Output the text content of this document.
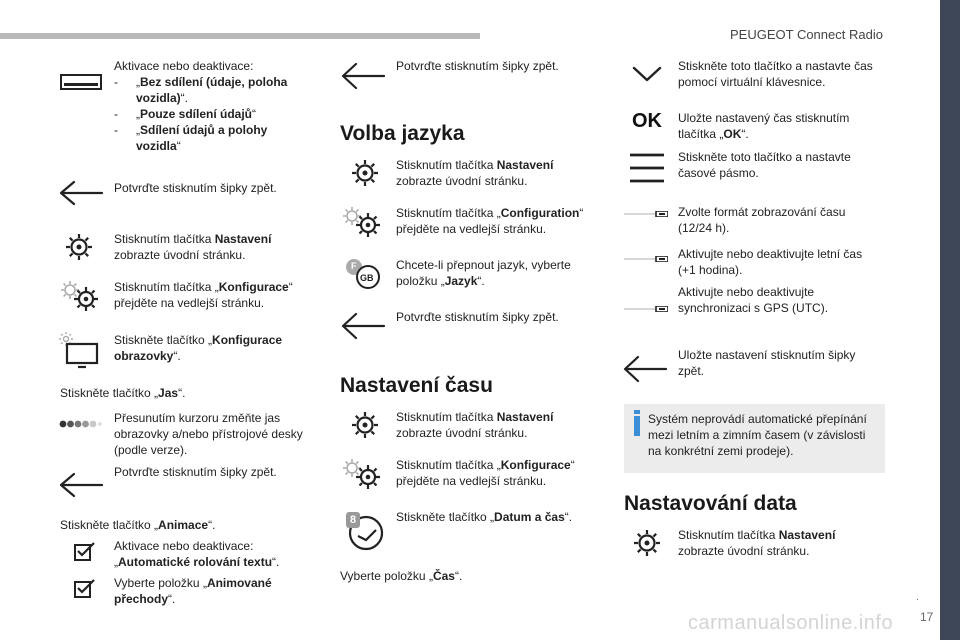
PEUGEOT Connect Radio
.
17
carmanualsonline.info
Aktivace nebo deaktivace:
-	„Bez sdílení (údaje, poloha vozidla)“.
-	„Pouze sdílení údajů“
-	„Sdílení údajů a polohy vozidla“
Potvrďte stisknutím šipky zpět.
Stisknutím tlačítka Nastavení zobrazte úvodní stránku.
Stisknutím tlačítka „Konfigurace“ přejděte na vedlejší stránku.
Stiskněte tlačítko „Konfigurace obrazovky“.
Stiskněte tlačítko „Jas“.
Přesunutím kurzoru změňte jas obrazovky a/nebo přístrojové desky (podle verze).
Potvrďte stisknutím šipky zpět.
Stiskněte tlačítko „Animace“.
Aktivace nebo deaktivace: „Automatické rolování textu“.
Vyberte položku „Animované přechody“.
Potvrďte stisknutím šipky zpět.
Volba jazyka
Stisknutím tlačítka Nastavení zobrazte úvodní stránku.
Stisknutím tlačítka „Configuration“ přejděte na vedlejší stránku.
F
GB
Chcete-li přepnout jazyk, vyberte položku „Jazyk“.
Potvrďte stisknutím šipky zpět.
Nastavení času
Stisknutím tlačítka Nastavení zobrazte úvodní stránku.
Stisknutím tlačítka „Konfigurace“ přejděte na vedlejší stránku.
8	Stiskněte tlačítko „Datum a čas“.
Vyberte položku „Čas“.
Stiskněte toto tlačítko a nastavte čas pomocí virtuální klávesnice.
OK Uložte nastavený čas stisknutím tlačítka „OK“.
Stiskněte toto tlačítko a nastavte časové pásmo.
Zvolte formát zobrazování času (12/24 h).
Aktivujte nebo deaktivujte letní čas (+1 hodina).
Aktivujte nebo deaktivujte synchronizaci s GPS (UTC).
Uložte nastavení stisknutím šipky zpět.
Systém neprovádí automatické přepínání mezi letním a zimním časem (v závislosti na konkrétní zemi prodeje).
Nastavování data
Stisknutím tlačítka Nastavení zobrazte úvodní stránku.
